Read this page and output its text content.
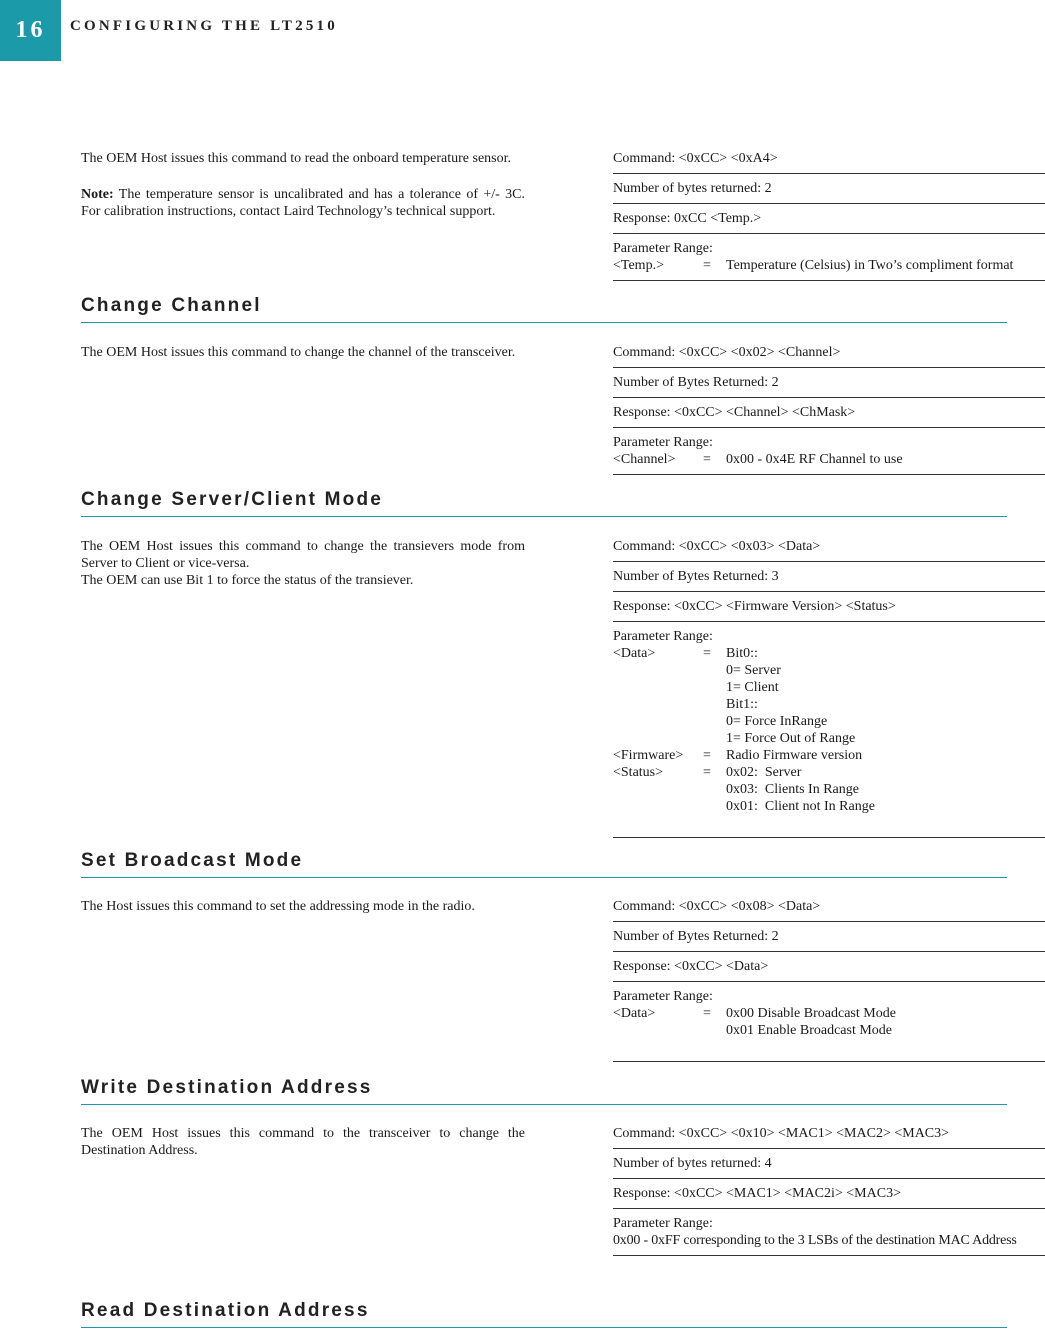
16	CONFIGURING THE LT2510

The OEM Host issues this command to read the onboard temperature sensor.

Note: The temperature sensor is uncalibrated and has a tolerance of +/- 3C. For calibration instructions, contact Laird Technology’s technical support.

Command: <0xCC> <0xA4>
Number of bytes returned: 2
Response: 0xCC <Temp.>
Parameter Range:
<Temp.>	=	Temperature (Celsius) in Two’s compliment format
Change Channel

The OEM Host issues this command to change the channel of the transceiver.	Command: <0xCC> <0x02> <Channel>
Number of Bytes Returned: 2
Response: <0xCC> <Channel> <ChMask>
Parameter Range:
<Channel>	=	0x00 - 0x4E RF Channel to use
Change Server/Client Mode

The OEM Host issues this command to change the transievers mode from Server to Client or vice-versa.

The OEM can use Bit 1 to force the status of the transiever.

Command: <0xCC> <0x03> <Data>
Number of Bytes Returned: 3
Response: <0xCC> <Firmware Version> <Status>
Parameter Range:
<Data>	=	Bit0::
0= Server
1= Client
Bit1::
0= Force InRange
1= Force Out of Range
<Firmware>	=	Radio Firmware version
<Status>	=	0x02:  Server
0x03:  Clients In Range
0x01:  Client not In Range
Set Broadcast Mode

The Host issues this command to set the addressing mode in the radio.	Command: <0xCC> <0x08> <Data>
Number of Bytes Returned: 2
Response: <0xCC> <Data>
Parameter Range:
<Data>	=	0x00 Disable Broadcast Mode
0x01 Enable Broadcast Mode
Write Destination Address

The OEM Host issues this command to the transceiver to change the Destination Address.

Command: <0xCC> <0x10> <MAC1> <MAC2> <MAC3>
Number of bytes returned: 4
Response: <0xCC> <MAC1> <MAC2i> <MAC3>
Parameter Range:
0x00 - 0xFF corresponding to the 3 LSBs of the destination MAC Address
Read Destination Address
